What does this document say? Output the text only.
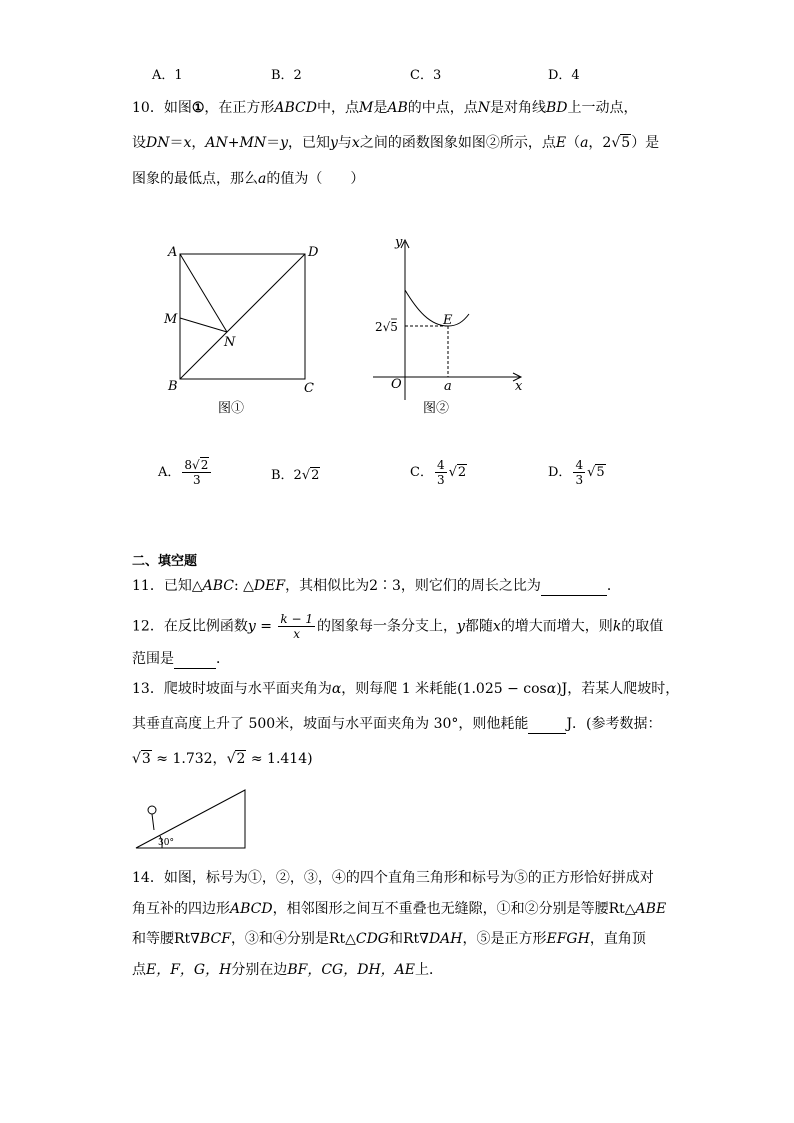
A．1	B．2	C．3	D．4
10．如图①，在正方形ABCD中，点M是AB的中点，点N是对角线BD上一动点，
设DN＝x，AN+MN＝y，已知y与x之间的函数图象如图②所示，点E（a，2√5）是
图象的最低点，那么a的值为（　　）
A	D
M
N
B	C
图①
y
x
O
E
a
2√5
图②
A． $\frac{8√2}{3}$	B．2√2	C． $\frac{4}{3} √2$	D． $\frac{4}{3} √5$
二、填空题
11．已知△ABC: △DEF，其相似比为2∶3，则它们的周长之比为	．
12．在反比例函数$y = \frac{k - 1}{x}$ 的图象每一条分支上，y都随x的增大而增大，则k的取值
范围是	．
13．爬坡时坡面与水平面夹角为α，则每爬 1 米耗能(1.025 − cosα)J，若某人爬坡时，
其垂直高度上升了 500米，坡面与水平面夹角为 30°，则他耗能	J．(参考数据：
√3 ≈ 1.732，√2 ≈ 1.414)
30°
14．如图，标号为①，②，③，④的四个直角三角形和标号为⑤的正方形恰好拼成对
角互补的四边形ABCD，相邻图形之间互不重叠也无缝隙，①和②分别是等腰Rt△ABE
和等腰Rt∇BCF，③和④分别是Rt△CDG和Rt∇DAH，⑤是正方形EFGH，直角顶
点E，F，G，H分别在边BF，CG，DH，AE上．
